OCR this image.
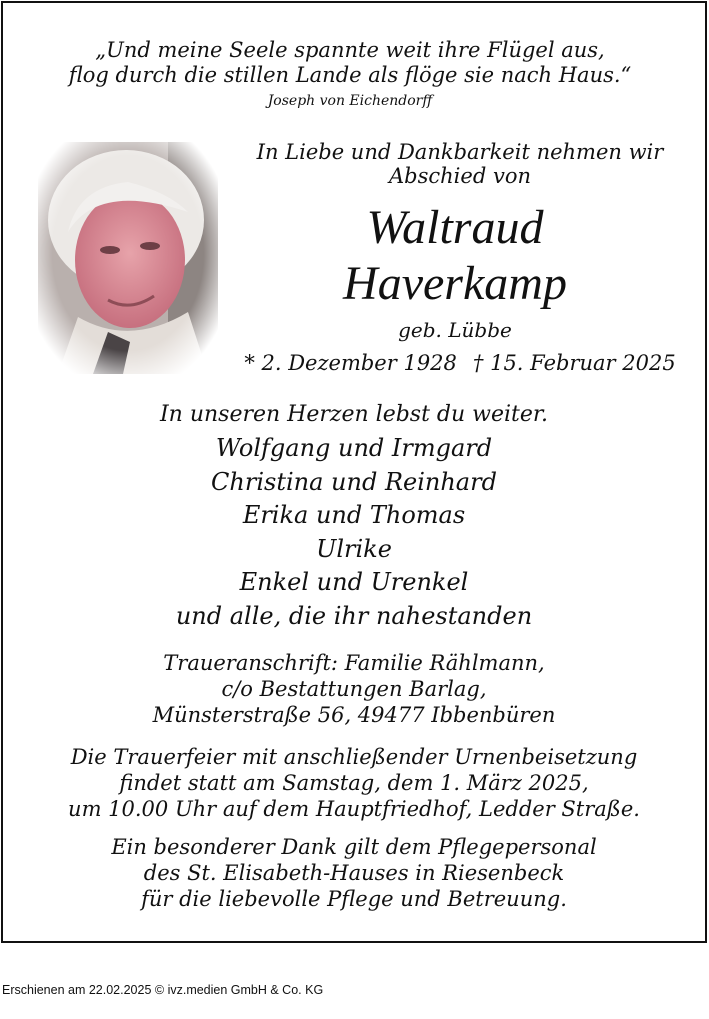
„Und meine Seele spannte weit ihre Flügel aus,
flog durch die stillen Lande als flöge sie nach Haus.“
Joseph von Eichendorff
In Liebe und Dankbarkeit nehmen wir
Abschied von
Waltraud
Haverkamp
geb. Lübbe
* 2. Dezember 1928 † 15. Februar 2025
In unseren Herzen lebst du weiter.
Wolfgang und Irmgard
Christina und Reinhard
Erika und Thomas
Ulrike
Enkel und Urenkel
und alle, die ihr nahestanden
Traueranschrift: Familie Rählmann,
c/o Bestattungen Barlag,
Münsterstraße 56, 49477 Ibbenbüren
Die Trauerfeier mit anschließender Urnenbeisetzung
findet statt am Samstag, dem 1. März 2025,
um 10.00 Uhr auf dem Hauptfriedhof, Ledder Straße.
Ein besonderer Dank gilt dem Pflegepersonal
des St. Elisabeth-Hauses in Riesenbeck
für die liebevolle Pflege und Betreuung.
Erschienen am 22.02.2025 © ivz.medien GmbH & Co. KG
